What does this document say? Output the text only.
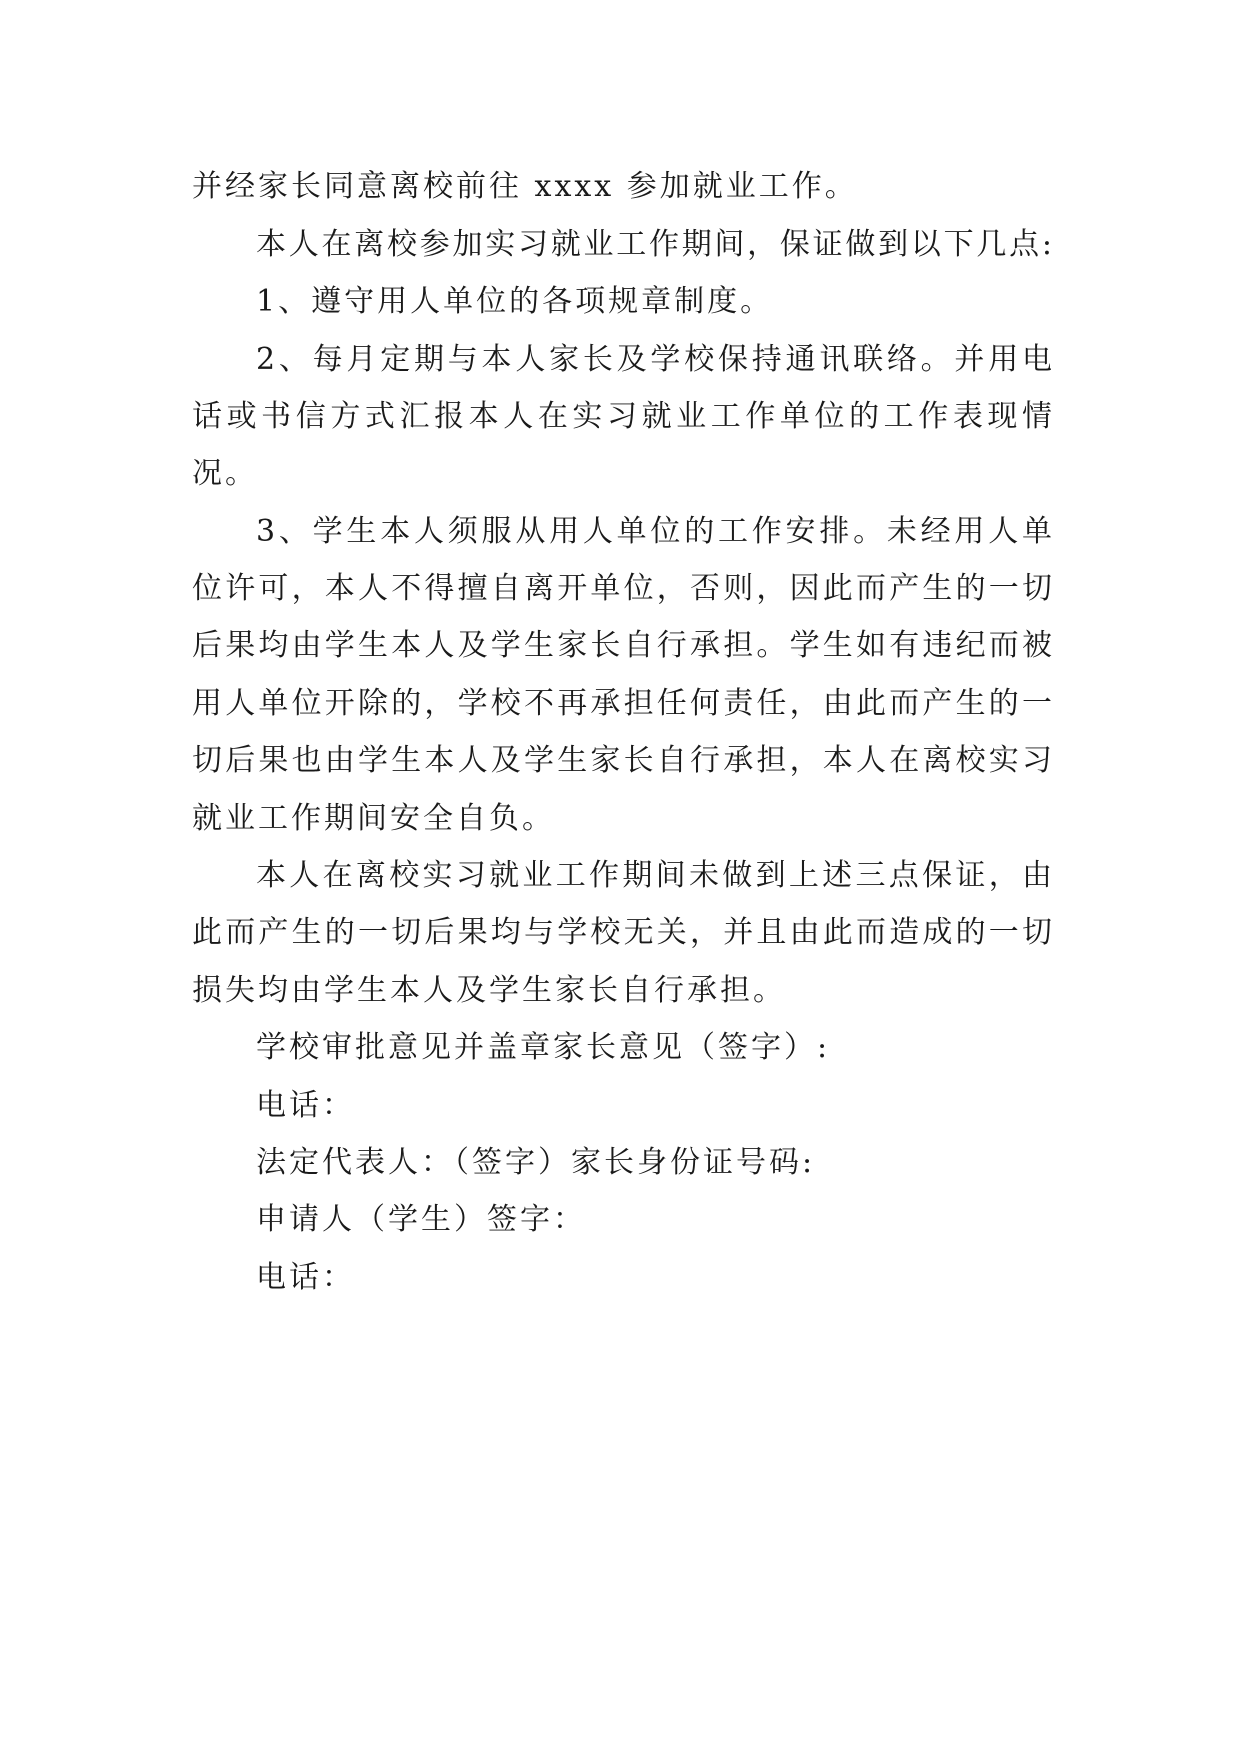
并经家长同意离校前往 xxxx 参加就业工作。
本人在离校参加实习就业工作期间，保证做到以下几点:
1、遵守用人单位的各项规章制度。
2、每月定期与本人家长及学校保持通讯联络。并用电
话或书信方式汇报本人在实习就业工作单位的工作表现情
况。
3、学生本人须服从用人单位的工作安排。未经用人单
位许可，本人不得擅自离开单位，否则，因此而产生的一切
后果均由学生本人及学生家长自行承担。学生如有违纪而被
用人单位开除的，学校不再承担任何责任，由此而产生的一
切后果也由学生本人及学生家长自行承担，本人在离校实习
就业工作期间安全自负。
本人在离校实习就业工作期间未做到上述三点保证，由
此而产生的一切后果均与学校无关，并且由此而造成的一切
损失均由学生本人及学生家长自行承担。
学校审批意见并盖章家长意见（签字）:
电话：
法定代表人：（签字）家长身份证号码:
申请人（学生）签字：
电话：
